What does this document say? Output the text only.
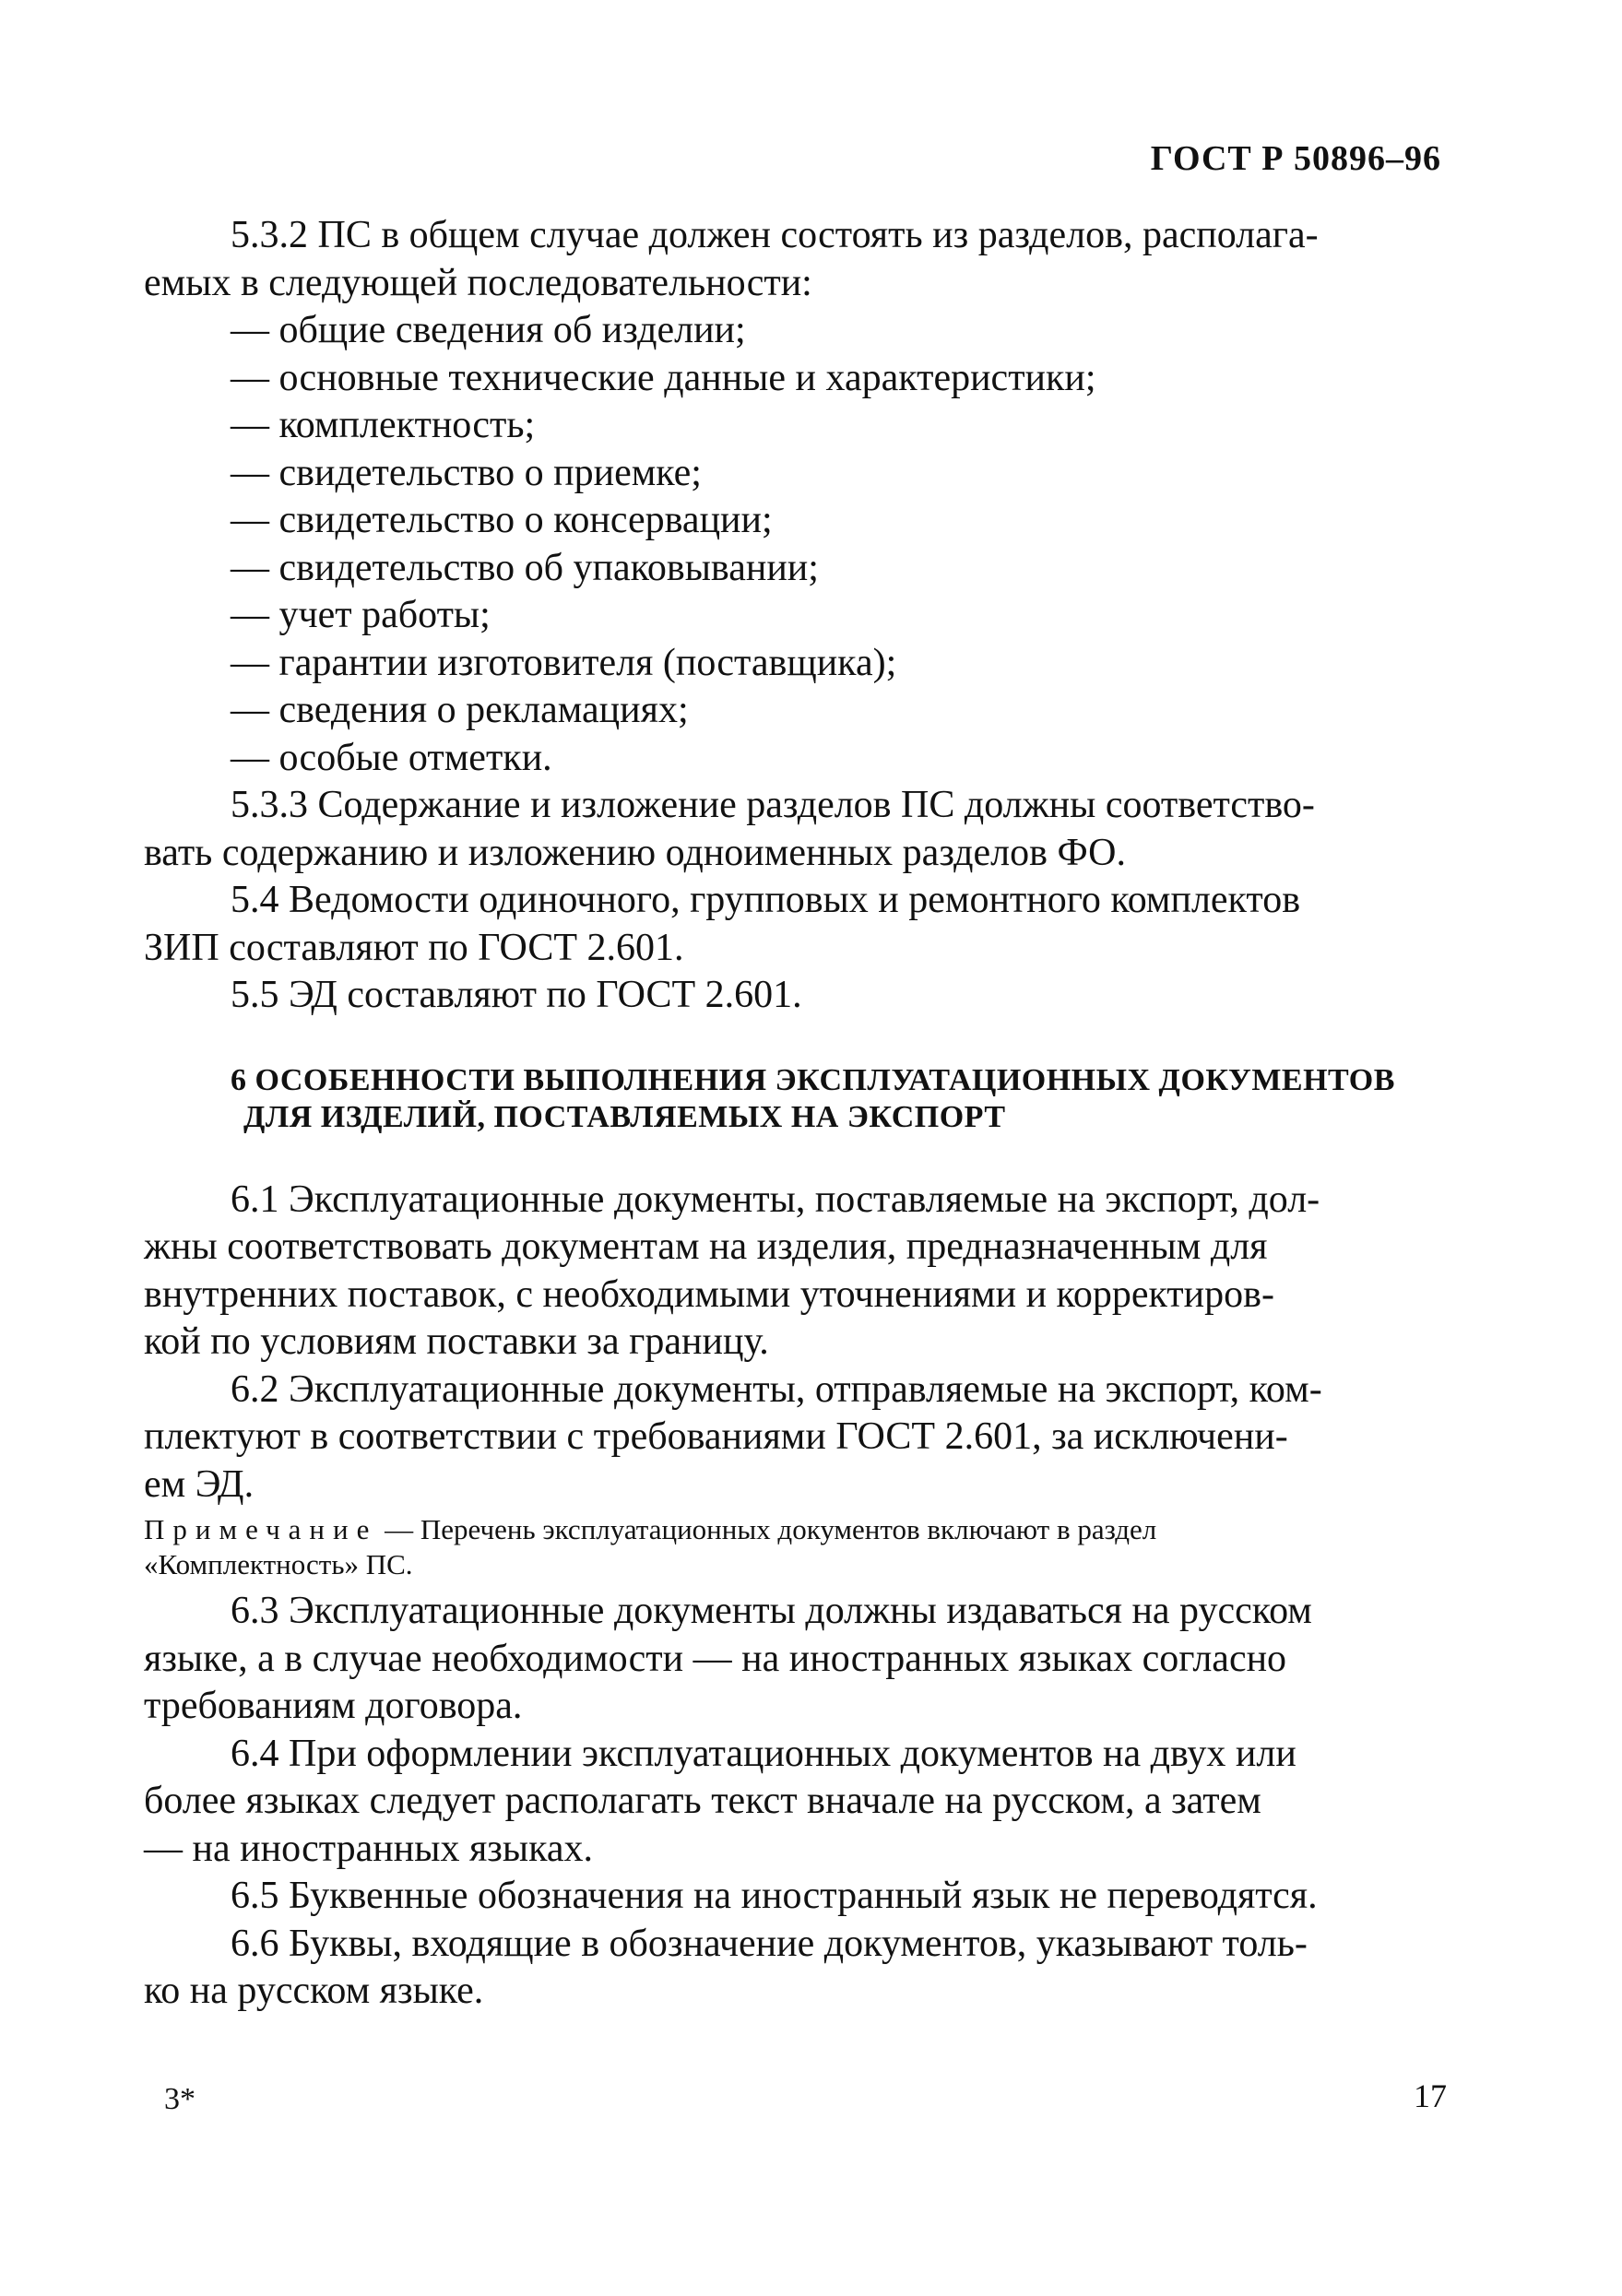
ГОСТ Р 50896–96
5.3.2 ПС в общем случае должен состоять из разделов, располага-
емых в следующей последовательности:
— общие сведения об изделии;
— основные технические данные и характеристики;
— комплектность;
— свидетельство о приемке;
— свидетельство о консервации;
— свидетельство об упаковывании;
— учет работы;
— гарантии изготовителя (поставщика);
— сведения о рекламациях;
— особые отметки.
5.3.3 Содержание и изложение разделов ПС должны соответство-
вать содержанию и изложению одноименных разделов ФО.
5.4 Ведомости одиночного, групповых и ремонтного комплектов
ЗИП составляют по ГОСТ 2.601.
5.5 ЭД составляют по ГОСТ 2.601.
6 ОСОБЕННОСТИ ВЫПОЛНЕНИЯ ЭКСПЛУАТАЦИОННЫХ ДОКУМЕНТОВ
ДЛЯ ИЗДЕЛИЙ, ПОСТАВЛЯЕМЫХ НА ЭКСПОРТ
6.1 Эксплуатационные документы, поставляемые на экспорт, дол-
жны соответствовать документам на изделия, предназначенным для
внутренних поставок, с необходимыми уточнениями и корректиров-
кой по условиям поставки за границу.
6.2 Эксплуатационные документы, отправляемые на экспорт, ком-
плектуют в соответствии с требованиями ГОСТ 2.601, за исключени-
ем ЭД.
Примечание — Перечень эксплуатационных документов включают в раздел
«Комплектность» ПС.
6.3 Эксплуатационные документы должны издаваться на русском
языке, а в случае необходимости — на иностранных языках согласно
требованиям договора.
6.4 При оформлении эксплуатационных документов на двух или
более языках следует располагать текст вначале на русском, а затем
— на иностранных языках.
6.5 Буквенные обозначения на иностранный язык не переводятся.
6.6 Буквы, входящие в обозначение документов, указывают толь-
ко на русском языке.
3*	17
